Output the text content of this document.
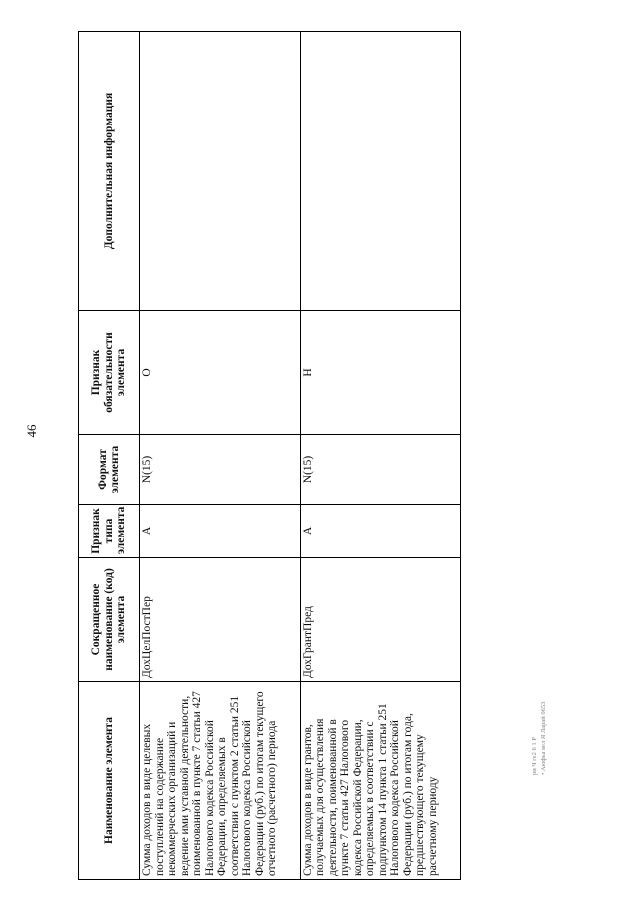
46
Наименование элемента	Сокращенное наименование (код) элемента	Признак типа элемента	Формат элемента	Признак обязательности элемента	Дополнительная информация
Сумма доходов в виде целевых поступлений на содержание некоммерческих организаций и ведение ими уставной деятельности, поименованной в пункте 7 статьи 427 Налогового кодекса Российской Федерации, определяемых в соответствии с пунктом 2 статьи 251 Налогового кодекса Российской Федерации (руб.) по итогам текущего отчетного (расчетного) периода	ДохЦелПостПер	А	N(15)	О	
Сумма доходов в виде грантов, получаемых для осуществления деятельности, поименованной в пункте 7 статьи 427 Налогового кодекса Российской Федерации, определяемых в соответствии с подпунктом 14 пункта 1 статьи 251 Налогового кодекса Российской Федерации (руб.) по итогам года, предшествующего текущему расчетному периоду	ДохГрантПред	А	N(15)	Н	
ри Ч ге2 6 1 Р • Аюфьа вел Я Ларай 0653
